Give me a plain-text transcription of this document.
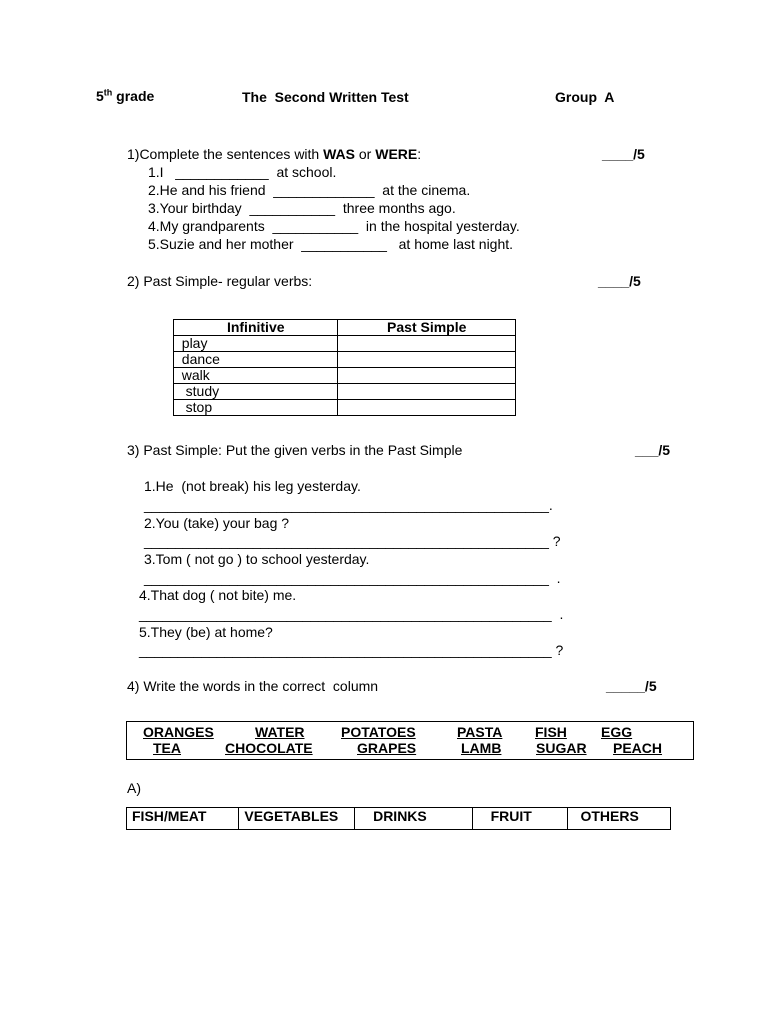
5th grade	The  Second Written Test	Group  A
1)Complete the sentences with WAS or WERE:	____/5
1.I   ____________  at school.
2.He and his friend  _____________  at the cinema.
3.Your birthday  ___________  three months ago.
4.My grandparents  ___________  in the hospital yesterday.
5.Suzie and her mother  ___________   at home last night.
2) Past Simple- regular verbs:	____/5
Infinitive	Past Simple
play	
dance	
walk	
study	
stop	
3) Past Simple: Put the given verbs in the Past Simple	___/5
1.He  (not break) his leg yesterday.
____________________________________________________.
2.You (take) your bag ?
____________________________________________________ ?
3.Tom ( not go ) to school yesterday.
____________________________________________________  .
4.That dog ( not bite) me.
_____________________________________________________  .
5.They (be) at home?
_____________________________________________________ ?
4) Write the words in the correct  column	_____/5
ORANGES	WATER	POTATOES	PASTA FISH EGG
TEA	CHOCOLATE	GRAPES	LAMB SUGAR PEACH
A)
FISH/MEAT	VEGETABLES	DRINKS	FRUIT	OTHERS
